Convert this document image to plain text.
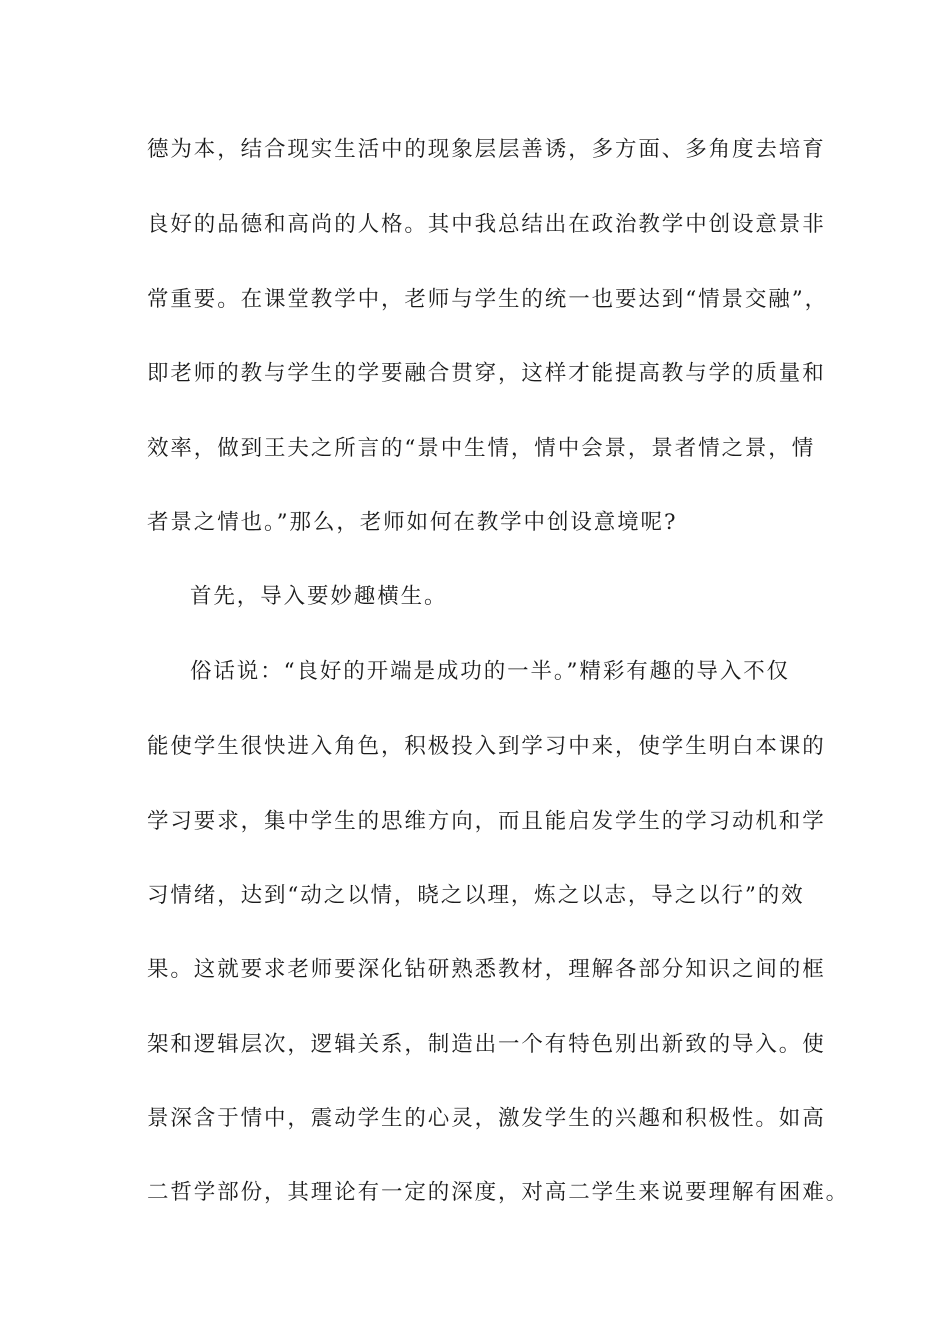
德为本，结合现实生活中的现象层层善诱，多方面、多角度去培育
良好的品德和高尚的人格。其中我总结出在政治教学中创设意景非
常重要。在课堂教学中，老师与学生的统一也要达到“情景交融”，
即老师的教与学生的学要融合贯穿，这样才能提高教与学的质量和
效率，做到王夫之所言的“景中生情，情中会景，景者情之景，情
者景之情也。”那么，老师如何在教学中创设意境呢?
首先，导入要妙趣横生。
俗话说：“良好的开端是成功的一半。”精彩有趣的导入不仅
能使学生很快进入角色，积极投入到学习中来，使学生明白本课的
学习要求，集中学生的思维方向，而且能启发学生的学习动机和学
习情绪，达到“动之以情，晓之以理，炼之以志，导之以行”的效
果。这就要求老师要深化钻研熟悉教材，理解各部分知识之间的框
架和逻辑层次，逻辑关系，制造出一个有特色别出新致的导入。使
景深含于情中，震动学生的心灵，激发学生的兴趣和积极性。如高
二哲学部份，其理论有一定的深度，对高二学生来说要理解有困难。
